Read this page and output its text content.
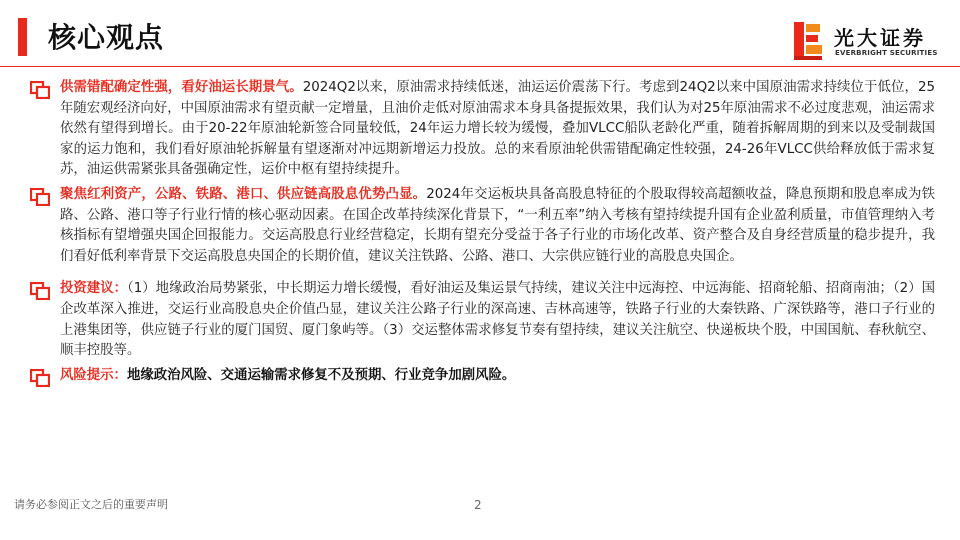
核心观点	光大证券
EVERBRIGHT SECURITIES

供需错配确定性强，看好油运长期景气。2024Q2以来，原油需求持续低迷，油运运价震荡下行。考虑到24Q2以来中国原油需求持续位于低位，25年随宏观经济向好，中国原油需求有望贡献一定增量，且油价走低对原油需求本身具备提振效果，我们认为对25年原油需求不必过度悲观，油运需求依然有望得到增长。由于20-22年原油轮新签合同量较低，24年运力增长较为缓慢，叠加VLCC船队老龄化严重，随着拆解周期的到来以及受制裁国家的运力饱和，我们看好原油轮拆解量有望逐渐对冲远期新增运力投放。总的来看原油轮供需错配确定性较强，24-26年VLCC供给释放低于需求复苏，油运供需紧张具备强确定性，运价中枢有望持续提升。

聚焦红利资产，公路、铁路、港口、供应链高股息优势凸显。2024年交运板块具备高股息特征的个股取得较高超额收益，降息预期和股息率成为铁路、公路、港口等子行业行情的核心驱动因素。在国企改革持续深化背景下，“一利五率”纳入考核有望持续提升国有企业盈利质量，市值管理纳入考核指标有望增强央国企回报能力。交运高股息行业经营稳定，长期有望充分受益于各子行业的市场化改革、资产整合及自身经营质量的稳步提升，我们看好低利率背景下交运高股息央国企的长期价值，建议关注铁路、公路、港口、大宗供应链行业的高股息央国企。

投资建议：（1）地缘政治局势紧张，中长期运力增长缓慢，看好油运及集运景气持续，建议关注中远海控、中远海能、招商轮船、招商南油；（2）国企改革深入推进，交运行业高股息央企价值凸显，建议关注公路子行业的深高速、吉林高速等，铁路子行业的大秦铁路、广深铁路等，港口子行业的上港集团等，供应链子行业的厦门国贸、厦门象屿等。（3）交运整体需求修复节奏有望持续，建议关注航空、快递板块个股，中国国航、春秋航空、顺丰控股等。

风险提示：地缘政治风险、交通运输需求修复不及预期、行业竞争加剧风险。

请务必参阅正文之后的重要声明	2
